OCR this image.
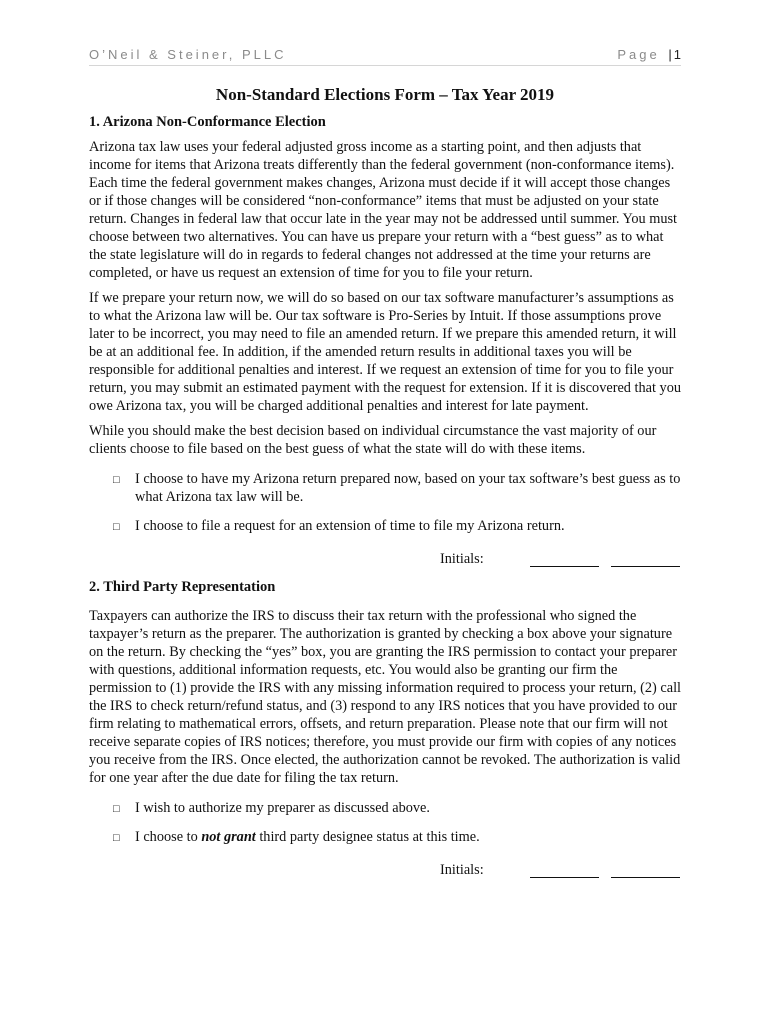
O’Neil & Steiner, PLLC	Page | 1
Non-Standard Elections Form – Tax Year 2019
1. Arizona Non-Conformance Election

Arizona tax law uses your federal adjusted gross income as a starting point, and then adjusts that income for items that Arizona treats differently than the federal government (non-conformance items). Each time the federal government makes changes, Arizona must decide if it will accept those changes or if those changes will be considered “non-conformance” items that must be adjusted on your state return. Changes in federal law that occur late in the year may not be addressed until summer. You must choose between two alternatives. You can have us prepare your return with a “best guess” as to what the state legislature will do in regards to federal changes not addressed at the time your returns are completed, or have us request an extension of time for you to file your return.

If we prepare your return now, we will do so based on our tax software manufacturer’s assumptions as to what the Arizona law will be. Our tax software is Pro-Series by Intuit. If those assumptions prove later to be incorrect, you may need to file an amended return. If we prepare this amended return, it will be at an additional fee. In addition, if the amended return results in additional taxes you will be responsible for additional penalties and interest. If we request an extension of time for you to file your return, you may submit an estimated payment with the request for extension. If it is discovered that you owe Arizona tax, you will be charged additional penalties and interest for late payment.

While you should make the best decision based on individual circumstance the vast majority of our clients choose to file based on the best guess of what the state will do with these items.

□ I choose to have my Arizona return prepared now, based on your tax software’s best guess as to what Arizona tax law will be.
□ I choose to file a request for an extension of time to file my Arizona return.
Initials:
2. Third Party Representation

Taxpayers can authorize the IRS to discuss their tax return with the professional who signed the taxpayer’s return as the preparer. The authorization is granted by checking a box above your signature on the return. By checking the “yes” box, you are granting the IRS permission to contact your preparer with questions, additional information requests, etc. You would also be granting our firm the permission to (1) provide the IRS with any missing information required to process your return, (2) call the IRS to check return/refund status, and (3) respond to any IRS notices that you have provided to our firm relating to mathematical errors, offsets, and return preparation. Please note that our firm will not receive separate copies of IRS notices; therefore, you must provide our firm with copies of any notices you receive from the IRS. Once elected, the authorization cannot be revoked. The authorization is valid for one year after the due date for filing the tax return.

□ I wish to authorize my preparer as discussed above.
□ I choose to not grant third party designee status at this time.
Initials:
